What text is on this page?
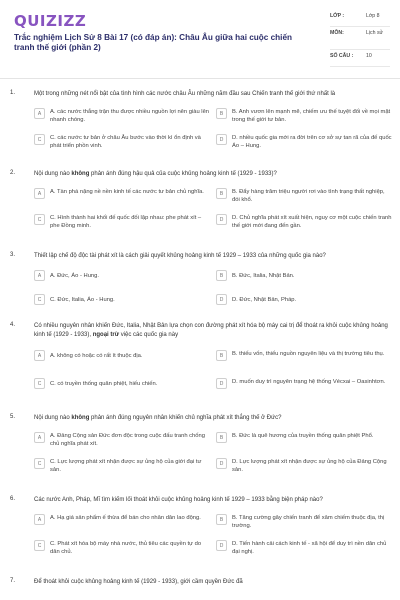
QUIZIZZ
Trắc nghiệm Lịch Sử 8 Bài 17 (có đáp án): Châu Âu giữa hai cuộc chiến tranh thế giới (phần 2)
LỚP :	Lớp 8
MÔN:	Lịch sử
SỐ CÂU : 10
1.	Một trong những nét nổi bật của tình hình các nước châu Âu những năm đầu sau Chiến tranh thế giới thứ nhất là
A	A. các nước thắng trận thu được nhiều nguồn lợi nên giàu lên nhanh chóng.
B	B. Anh vươn lên mạnh mẽ, chiếm ưu thế tuyệt đối về mọi mặt trong thế giới tư bản.
C	C. các nước tư bản ở châu Âu bước vào thời kì ổn định và phát triển phồn vinh.
D	D. nhiều quốc gia mới ra đời trên cơ sở sự tan rã của đế quốc Áo – Hung.
2.	Nội dung nào không phản ánh đúng hậu quả của cuộc khủng hoảng kinh tế (1929 - 1933)?
A	A. Tàn phá nặng nề nền kinh tế các nước tư bản chủ nghĩa.	B	B. Đẩy hàng trăm triệu người rơi vào tình trạng thất nghiệp, đói khổ.
C	C. Hình thành hai khối đế quốc đối lập nhau: phe phát xít – phe Đồng minh.
D	D. Chủ nghĩa phát xít xuất hiện, nguy cơ một cuộc chiến tranh thế giới mới đang đến gần.
3.	Thiết lập chế độ độc tài phát xít là cách giải quyết khủng hoảng kinh tế 1929 – 1933 của những quốc gia nào?
A	A. Đức, Áo - Hung.	B	B. Đức, Italia, Nhật Bản.
C	C. Đức, Italia, Áo - Hung.	D	D. Đức, Nhật Bản, Pháp.
4.	Có nhiều nguyên nhân khiến Đức, Italia, Nhật Bản lựa chọn con đường phát xít hóa bộ máy cai trị để thoát ra khỏi cuộc khủng hoảng kinh tế (1929 - 1933), ngoại trừ việc các quốc gia này
A	A. không có hoặc có rất ít thuộc địa.	B	B. thiếu vốn, thiếu nguồn nguyên liệu và thị trường tiêu thụ.
C	C. có truyền thống quân phiệt, hiếu chiến.	D	D. muốn duy trì nguyên trạng hệ thống Vécxai – Oasinhtơn.
5.	Nội dung nào không phản ánh đúng nguyên nhân khiến chủ nghĩa phát xít thắng thế ở Đức?
A	A. Đảng Cộng sản Đức đơn độc trong cuộc đấu tranh chống chủ nghĩa phát xít.
B	B. Đức là quê hương của truyền thống quân phiệt Phổ.
C	C. Lực lượng phát xít nhận được sự ủng hộ của giới đại tư sản.
D	D. Lực lượng phát xít nhận được sự ủng hộ của Đảng Cộng sản.
6.	Các nước Anh, Pháp, Mĩ tìm kiếm lối thoát khỏi cuộc khủng hoảng kinh tế 1929 – 1933 bằng biện pháp nào?
A	A. Hạ giá sản phẩm ế thừa để bán cho nhân dân lao động.	B	B. Tăng cường gây chiến tranh để xâm chiếm thuộc địa, thị trường.
C	C. Phát xít hóa bộ máy nhà nước, thủ tiêu các quyền tự do dân chủ.
D	D. Tiến hành cải cách kinh tế - xã hội để duy trì nền dân chủ đại nghị.
7.	Để thoát khỏi cuộc khủng hoảng kinh tế (1929 - 1933), giới cầm quyền Đức đã
